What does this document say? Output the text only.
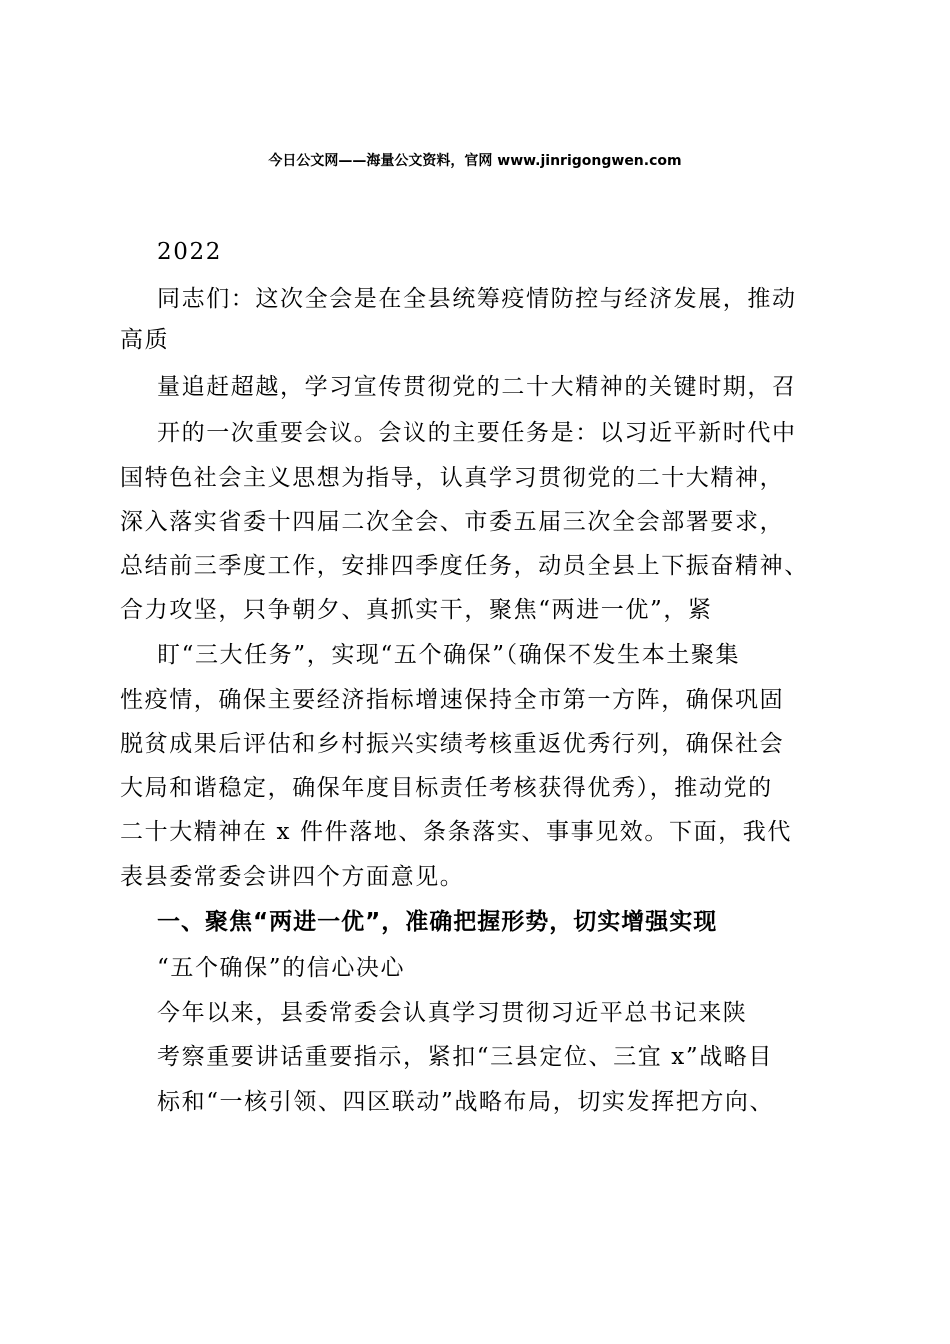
今日公文网——海量公文资料，官网 www.jinrigongwen.com
2022
同志们：这次全会是在全县统筹疫情防控与经济发展，推动
高质
量追赶超越，学习宣传贯彻党的二十大精神的关键时期，召
开的一次重要会议。会议的主要任务是：以习近平新时代中
国特色社会主义思想为指导，认真学习贯彻党的二十大精神，
深入落实省委十四届二次全会、市委五届三次全会部署要求，
总结前三季度工作，安排四季度任务，动员全县上下振奋精神、
合力攻坚，只争朝夕、真抓实干，聚焦“两进一优”，紧
盯“三大任务”，实现“五个确保”（确保不发生本土聚集
性疫情，确保主要经济指标增速保持全市第一方阵，确保巩固
脱贫成果后评估和乡村振兴实绩考核重返优秀行列，确保社会
大局和谐稳定，确保年度目标责任考核获得优秀），推动党的
二十大精神在 x 件件落地、条条落实、事事见效。下面，我代
表县委常委会讲四个方面意见。
一、聚焦“两进一优”，准确把握形势，切实增强实现
“五个确保”的信心决心
今年以来，县委常委会认真学习贯彻习近平总书记来陕
考察重要讲话重要指示，紧扣“三县定位、三宜 x”战略目
标和“一核引领、四区联动”战略布局，切实发挥把方向、
